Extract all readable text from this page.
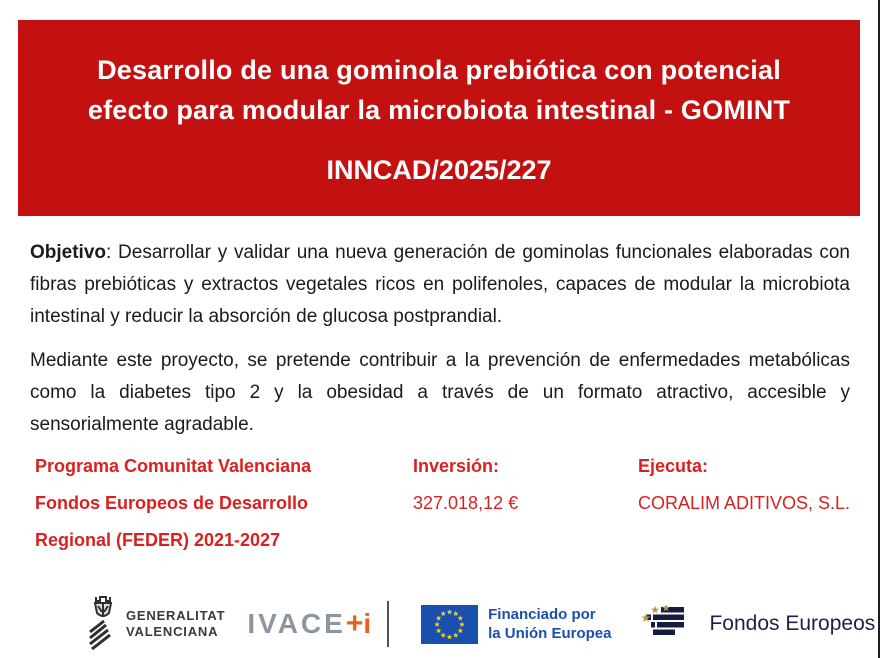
Desarrollo de una gominola prebiótica con potencial
efecto para modular la microbiota intestinal - GOMINT
INNCAD/2025/227

Objetivo: Desarrollar y validar una nueva generación de gominolas funcionales elaboradas con fibras prebióticas y extractos vegetales ricos en polifenoles, capaces de modular la microbiota intestinal y reducir la absorción de glucosa postprandial.

Mediante este proyecto, se pretende contribuir a la prevención de enfermedades metabólicas como la diabetes tipo 2 y la obesidad a través de un formato atractivo, accesible y sensorialmente agradable.

Programa Comunitat Valenciana
Fondos Europeos de Desarrollo
Regional (FEDER) 2021-2027
Inversión:
327.018,12 €
Ejecuta:
CORALIM ADITIVOS, S.L.
GENERALITAT
VALENCIANA IVACE+i	Financiado por
la Unión Europea	Fondos Europeos
